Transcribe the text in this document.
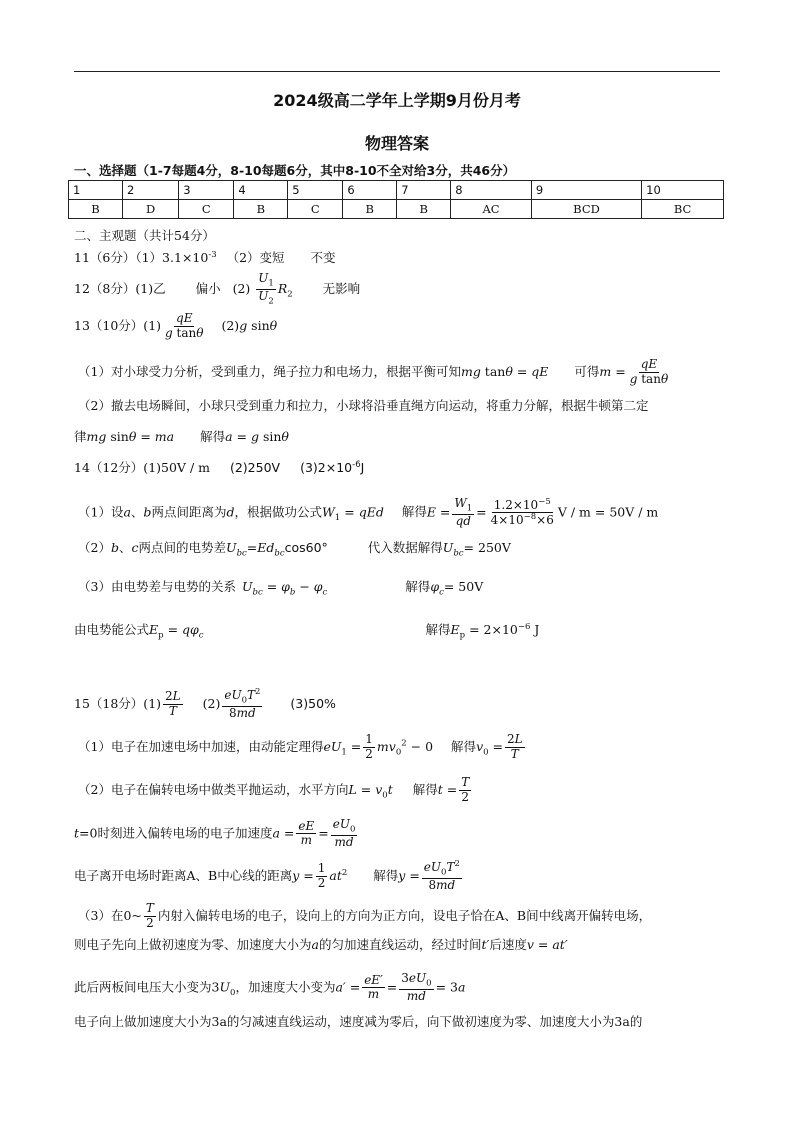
2024级高二学年上学期9月份月考
物理答案
一、选择题（1-7每题4分，8-10每题6分，其中8-10不全对给3分，共46分）
1	2	3	4	5	6	7	8	9	10
B	D	C	B	C	B	B	AC	BCD	BC
二、主观题（共计54分）
11（6分）$(1)3.1\times 10^{-3}$ （2）变短 不变
12（8分）(1)乙 偏小 $(2) \frac{U_1}{U_2} R_2$ 无影响
13（10分）$(1) \frac{qE}{\text{g tanθ}} (2)g$ sinθ
（1）对小球受力分析，受到重力，绳子拉力和电场力，根据平衡可知mg tanθ = qE 可得$m = \frac{qE}{\text{g tanθ}}$
（2）撤去电场瞬间，小球只受到重力和拉力，小球将沿垂直绳方向运动，将重力分解，根据牛顿第二定
律mg sinθ = ma 解得a = g sinθ
14（12分）(1)50V / m (2)250V $(3)2\times 10^{-6}J$
（1）设a、b两点间距离为d，根据做功公式$W_1$ = qEd 解得$E = \frac{W_1}{qd} = \frac{1.2\times 10^{-5}}{4\times 10^{-8}\times 6}$ V / m = 50V / m
（2）b、c两点间的电势差$U_{bc}=Ed_{bc}\cos 60^\circ$	代入数据解得$U_{bc}= 250V$
（3）由电势差与电势的关系 $U_{bc} = \varphi_b - \varphi_c$	解得$\varphi_c= 50V$
由电势能公式$E_p = q\varphi_c$	解得$E_p = 2\times 10^{-6}$ J
15（18分）$(1) \frac{2L}{T} (2) \frac{eU_0T^2}{8md} (3)50\%$
（1）电子在加速电场中加速，由动能定理得$eU_1 = \frac{1}{2} mv_0^2 - 0$ 解得$v_0 = \frac{2L}{T}$
（2）电子在偏转电场中做类平抛运动，水平方向$L = v_0t$ 解得$t = \frac{T}{2}$
t=0时刻进入偏转电场的电子加速度$a = \frac{eE}{m} = \frac{eU_0}{md}$
电子离开电场时距离A、B中心线的距离$y = \frac{1}{2} at^2$ 解得$y = \frac{eU_0T^2}{8md}$
（3）在0~ $\frac{T}{2}$ 内射入偏转电场的电子，设向上的方向为正方向，设电子恰在A、B间中线离开偏转电场，
则电子先向上做初速度为零、加速度大小为a的匀加速直线运动，经过时间t′后速度v = at′
此后两板间电压大小变为$3U_0$，加速度大小变为$a' = \frac{eE'}{m} = \frac{3eU_0}{md} = 3a$
电子向上做加速度大小为3a的匀减速直线运动，速度减为零后，向下做初速度为零、加速度大小为3a的
